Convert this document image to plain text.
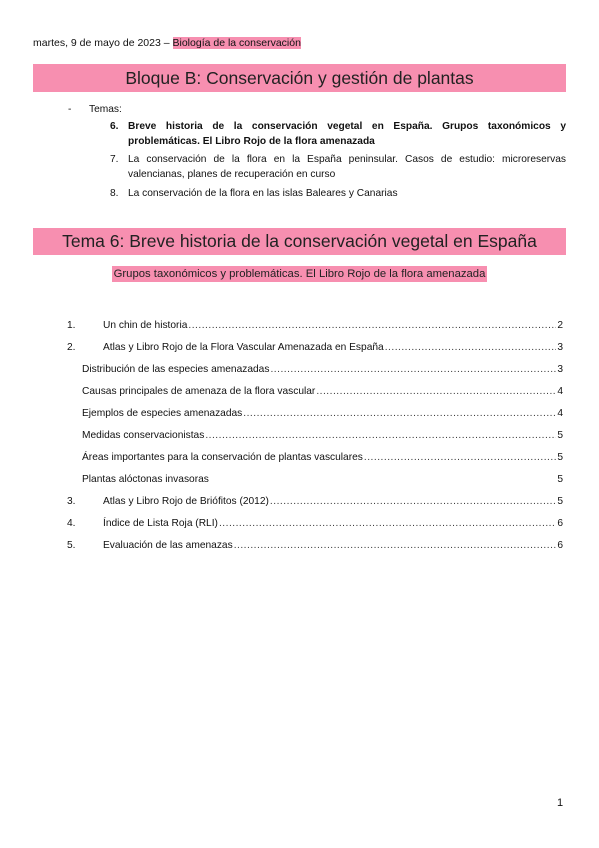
martes, 9 de mayo de 2023 – Biología de la conservación
Bloque B: Conservación y gestión de plantas
- Temas:
6. Breve historia de la conservación vegetal en España. Grupos taxonómicos y problemáticas. El Libro Rojo de la flora amenazada
7. La conservación de la flora en la España peninsular. Casos de estudio: microreservas valencianas, planes de recuperación en curso
8. La conservación de la flora en las islas Baleares y Canarias
Tema 6: Breve historia de la conservación vegetal en España
Grupos taxonómicos y problemáticas. El Libro Rojo de la flora amenazada
1.	Un chin de historia .....	2
2.	Atlas y Libro Rojo de la Flora Vascular Amenazada en España .....	3
Distribución de las especies amenazadas .....	3
Causas principales de amenaza de la flora vascular .....	4
Ejemplos de especies amenazadas .....	4
Medidas conservacionistas .....	5
Áreas importantes para la conservación de plantas vasculares .....	5
Plantas alóctonas invasoras	5
3.	Atlas y Libro Rojo de Briófitos (2012) .....	5
4.	Índice de Lista Roja (RLI) .....	6
5.	Evaluación de las amenazas .....	6
1
